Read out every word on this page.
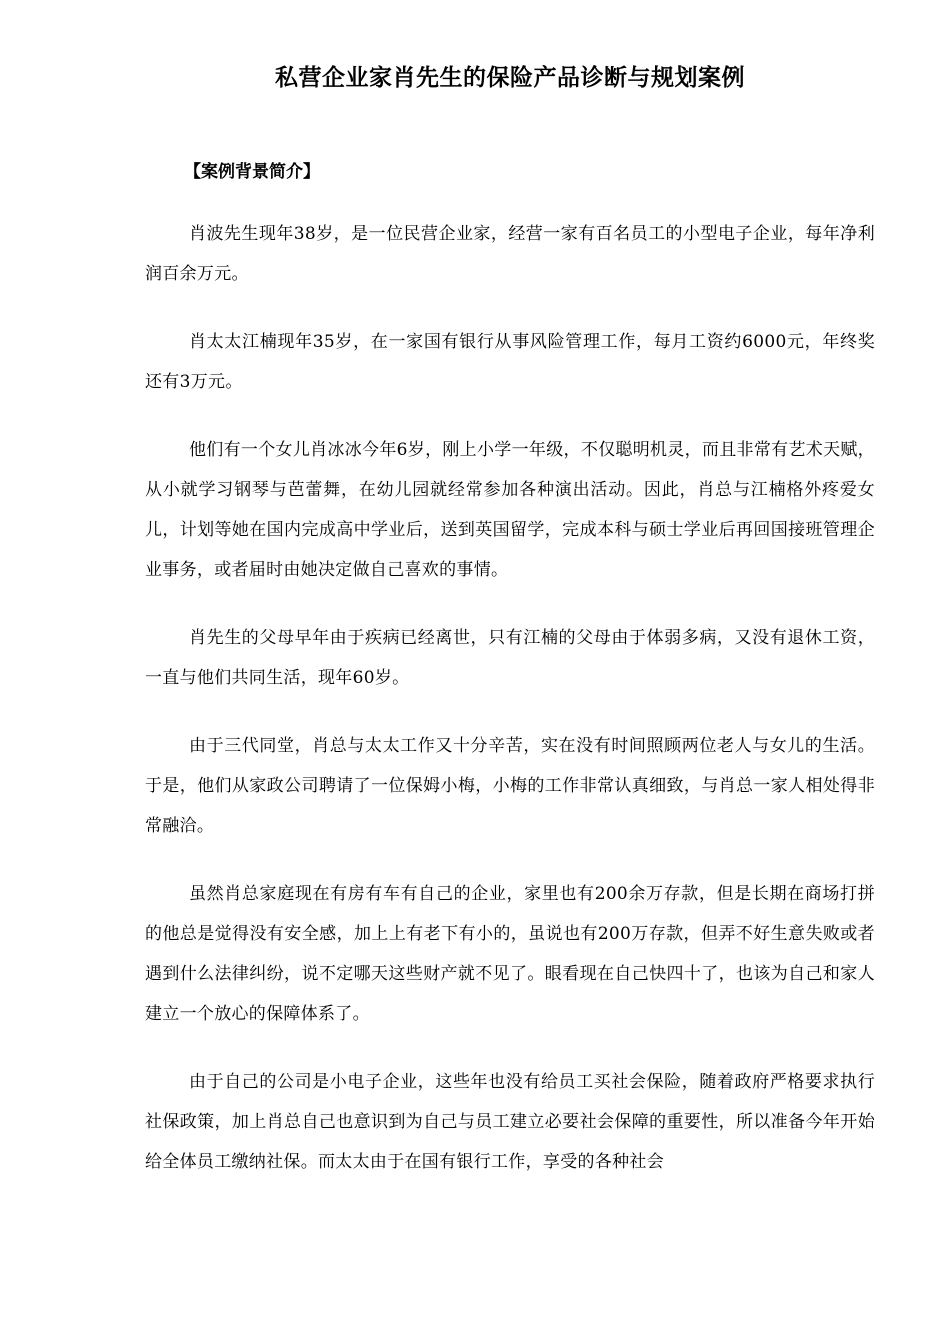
私营企业家肖先生的保险产品诊断与规划案例
【案例背景简介】

肖波先生现年38岁，是一位民营企业家，经营一家有百名员工的小型电子企业，每年净利润百余万元。

肖太太江楠现年35岁，在一家国有银行从事风险管理工作，每月工资约6000元，年终奖还有3万元。

他们有一个女儿肖冰冰今年6岁，刚上小学一年级，不仅聪明机灵，而且非常有艺术天赋，从小就学习钢琴与芭蕾舞，在幼儿园就经常参加各种演出活动。因此，肖总与江楠格外疼爱女儿，计划等她在国内完成高中学业后，送到英国留学，完成本科与硕士学业后再回国接班管理企业事务，或者届时由她决定做自己喜欢的事情。

肖先生的父母早年由于疾病已经离世，只有江楠的父母由于体弱多病，又没有退休工资，一直与他们共同生活，现年60岁。

由于三代同堂，肖总与太太工作又十分辛苦，实在没有时间照顾两位老人与女儿的生活。于是，他们从家政公司聘请了一位保姆小梅，小梅的工作非常认真细致，与肖总一家人相处得非常融洽。

虽然肖总家庭现在有房有车有自己的企业，家里也有200余万存款，但是长期在商场打拼的他总是觉得没有安全感，加上上有老下有小的，虽说也有200万存款，但弄不好生意失败或者遇到什么法律纠纷，说不定哪天这些财产就不见了。眼看现在自己快四十了，也该为自己和家人建立一个放心的保障体系了。

由于自己的公司是小电子企业，这些年也没有给员工买社会保险，随着政府严格要求执行社保政策，加上肖总自己也意识到为自己与员工建立必要社会保障的重要性，所以准备今年开始给全体员工缴纳社保。而太太由于在国有银行工作，享受的各种社会
